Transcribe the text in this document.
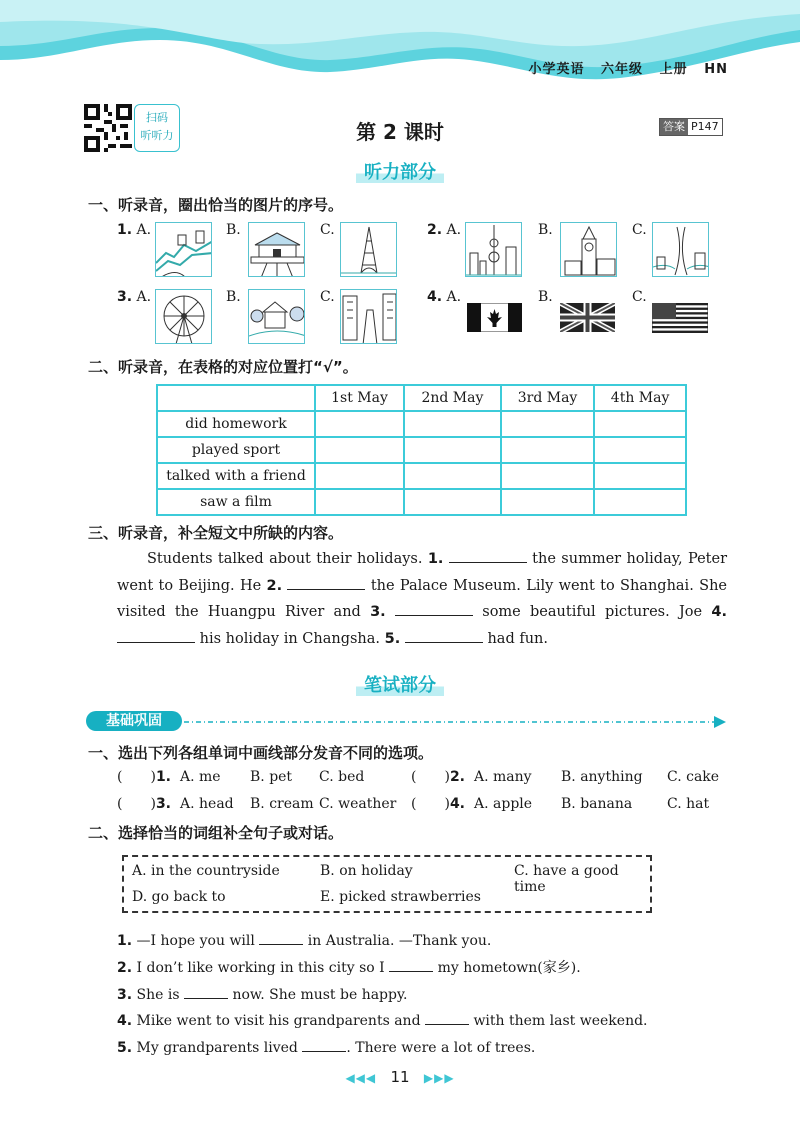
小学英语 六年级 上册 HN
扫码
听听力	第 2 课时	答案 P147
听力部分
一、听录音，圈出恰当的图片的序号。
1. A.	B.	C.	2. A.	B.	C.
3. A.	B.	C.	4. A.	B.	C.
二、听录音，在表格的对应位置打“√”。
	1st May	2nd May	3rd May	4th May
did homework				
played sport				
talked with a friend				
saw a film				
三、听录音，补全短文中所缺的内容。
Students talked about their holidays. 1.	the summer holiday, Peter went to Beijing. He 2.	the Palace Museum. Lily went to Shanghai. She visited the Huangpu River and 3.	some beautiful pictures. Joe 4.  his holiday in Changsha. 5.	had fun.
笔试部分
基础巩固
一、选出下列各组单词中画线部分发音不同的选项。
( )1. A. me B. pet C. bed	( )2. A. many B. anything C. cake
( )3. A. head B. cream C. weather ( )4. A. apple B. banana C. hat
二、选择恰当的词组补全句子或对话。
A. in the countryside	B. on holiday	C. have a good time
D. go back to	E. picked strawberries
1. —I hope you will	in Australia. —Thank you.
2. I don’t like working in this city so I	my hometown(家乡).
3. She is	now. She must be happy.
4. Mike went to visit his grandparents and	with them last weekend.
5. My grandparents lived	. There were a lot of trees.
◀◀◀ 11 ▶▶▶
